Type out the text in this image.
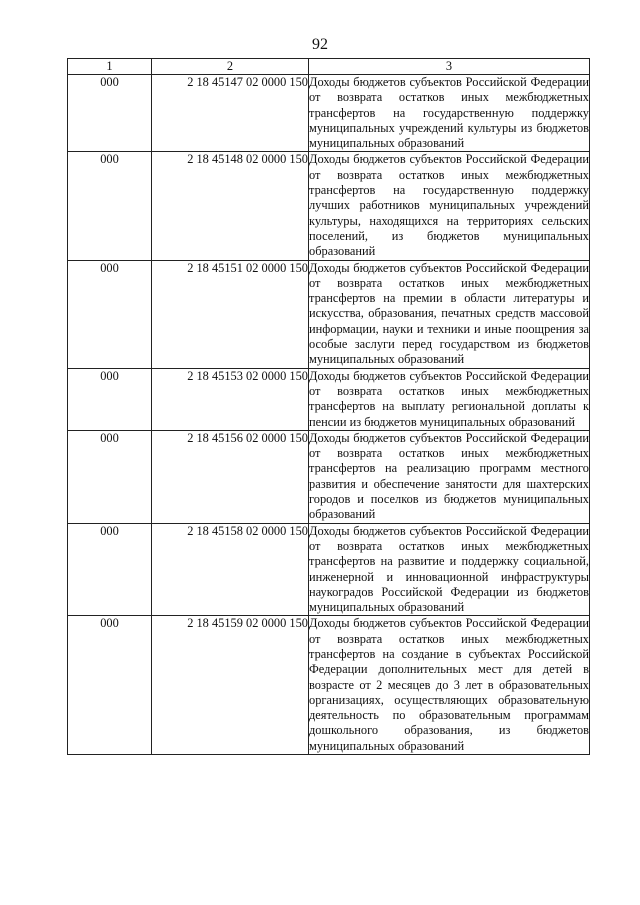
92
1	2	3
000	2 18 45147 02 0000 150	Доходы бюджетов субъектов Российской Федерации от возврата остатков иных межбюджетных трансфертов на государственную поддержку муниципальных учреждений культуры из бюджетов муниципальных образований
000	2 18 45148 02 0000 150	Доходы бюджетов субъектов Российской Федерации от возврата остатков иных межбюджетных трансфертов на государственную поддержку лучших работников муниципальных учреждений культуры, находящихся на территориях сельских поселений, из бюджетов муниципальных образований
000	2 18 45151 02 0000 150	Доходы бюджетов субъектов Российской Федерации от возврата остатков иных межбюджетных трансфертов на премии в области литературы и искусства, образования, печатных средств массовой информации, науки и техники и иные поощрения за особые заслуги перед государством из бюджетов муниципальных образований
000	2 18 45153 02 0000 150	Доходы бюджетов субъектов Российской Федерации от возврата остатков иных межбюджетных трансфертов на выплату региональной доплаты к пенсии из бюджетов муниципальных образований
000	2 18 45156 02 0000 150	Доходы бюджетов субъектов Российской Федерации от возврата остатков иных межбюджетных трансфертов на реализацию программ местного развития и обеспечение занятости для шахтерских городов и поселков из бюджетов муниципальных образований
000	2 18 45158 02 0000 150	Доходы бюджетов субъектов Российской Федерации от возврата остатков иных межбюджетных трансфертов на развитие и поддержку социальной, инженерной и инновационной инфраструктуры наукоградов Российской Федерации из бюджетов муниципальных образований
000	2 18 45159 02 0000 150	Доходы бюджетов субъектов Российской Федерации от возврата остатков иных межбюджетных трансфертов на создание в субъектах Российской Федерации дополнительных мест для детей в возрасте от 2 месяцев до 3 лет в образовательных организациях, осуществляющих образовательную деятельность по образовательным программам дошкольного образования, из бюджетов муниципальных образований
